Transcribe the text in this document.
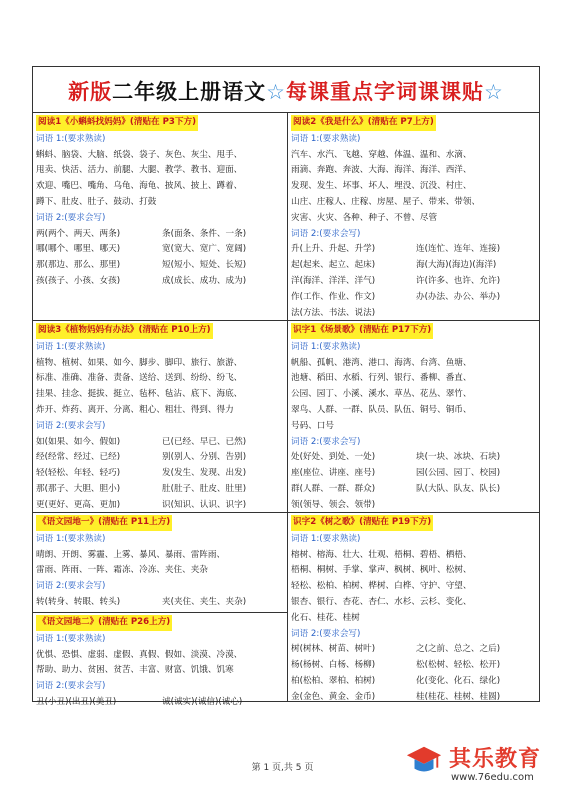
新版二年级上册语文☆每课重点字词课课贴☆
阅读1《小蝌蚪找妈妈》(清贴在 P3下方)
词语 1:(要求熟读)
蝌蚪、脑袋、大脑、纸袋、袋子、灰色、灰尘、甩手、
甩卖、快活、活力、前腿、大腿、教学、教书、迎面、
欢迎、嘴巴、嘴角、乌龟、海龟、披风、披上、蹲着、
蹲下、肚皮、肚子、鼓动、打鼓
词语 2:(要求会写)
两(两个、两天、两条)	条(面条、条件、一条)
哪(哪个、哪里、哪天)	宽(宽大、宽广、宽阔)
那(那边、那么、那里)	短(短小、短处、长短)
孩(孩子、小孩、女孩)	成(成长、成功、成为)
阅读2《我是什么》(清贴在 P7上方)
词语 1:(要求熟读)
汽车、水汽、飞越、穿越、体温、温和、水滴、
雨滴、奔跑、奔波、大海、海洋、海洋、西洋、
发现、发生、坏事、坏人、埋没、沉没、村庄、
山庄、庄稼人、庄稼、房屋、屋子、带来、带领、
灾害、火灾、各种、种子、不曾、尽管
词语 2:(要求会写)
升(上升、升起、升学)	连(连忙、连年、连接)
起(起来、起立、起床)	海(大海)(海边)(海洋)
洋(海洋、洋洋、洋气)	许(许多、也许、允许)
作(工作、作业、作文)	办(办法、办公、举办)
法(方法、书法、说法)
阅读3《植物妈妈有办法》(清贴在 P10上方)
词语 1:(要求熟读)
植物、植树、如果、如今、脚步、脚印、旅行、旅游、
标准、准确、准备、责备、送给、送到、纷纷、纷飞、
挂果、挂念、挺拔、挺立、毡杯、毡沾、底下、海底、
炸开、炸药、离开、分离、粗心、粗壮、得到、得力
词语 2:(要求会写)
如(如果、如今、假如)	已(已经、早已、已然)
经(经常、经过、已经)	别(别人、分别、告别)
轻(轻松、年轻、轻巧)	发(发生、发现、出发)
那(那子、大胆、胆小)	肚(肚子、肚皮、肚里)
更(更好、更高、更加)	识(知识、认识、识字)
识字1《场景歌》(清贴在 P17下方)
词语 1:(要求熟读)
帆船、孤帆、港湾、港口、海湾、台湾、鱼塘、
池塘、稻田、水稻、行列、银行、番柳、番直、
公园、园丁、小溪、溪水、草丛、花丛、翠竹、
翠鸟、人群、一群、队员、队伍、铜号、铜币、
号码、口号
词语 2:(要求会写)
处(好处、到处、一处)	块(一块、冰块、石块)
座(座位、讲座、座号)	园(公园、园丁、校园)
群(人群、一群、群众)	队(大队、队友、队长)
领(领导、领会、领带)
《语文园地一》(清贴在 P11上方)
词语 1:(要求熟读)
晴朗、开朗、雾霾、上雾、暴风、暴雨、雷阵雨、
雷雨、阵雨、一阵、霜冻、冷冻、夹住、夹杂
词语 2:(要求会写)
转(转身、转眼、转头)	夹(夹住、夹生、夹杂)
识字2《树之歌》(清贴在 P19下方)
词语 1:(要求熟读)
榕树、榕海、壮大、壮观、梧桐、碧梧、栖梧、
梧桐、桐树、手掌、掌声、枫树、枫叶、松树、
轻松、松柏、柏树、桦树、白桦、守护、守望、
银杏、银行、杏花、杏仁、水杉、云杉、变化、
化石、桂花、桂树
词语 2:(要求会写)
树(树林、树苗、树叶)	之(之前、总之、之后)
杨(杨树、白杨、杨柳)	松(松树、轻松、松开)
柏(松柏、翠柏、柏树)	化(变化、化石、绿化)
金(金色、黄金、金币)	桂(桂花、桂树、桂圆)
《语文园地二》(清贴在 P26上方)
词语 1:(要求熟读)
优惧、恐惧、虚弱、虚假、真假、假如、淡漠、冷漠、
帮助、助力、贫困、贫苦、丰富、财富、饥饿、饥寒
词语 2:(要求会写)
丑(小丑)(出丑)(美丑)	诚(诚实)(诚信)(诚心)
第 1 页,共 5 页	其乐教育
www.76edu.com
